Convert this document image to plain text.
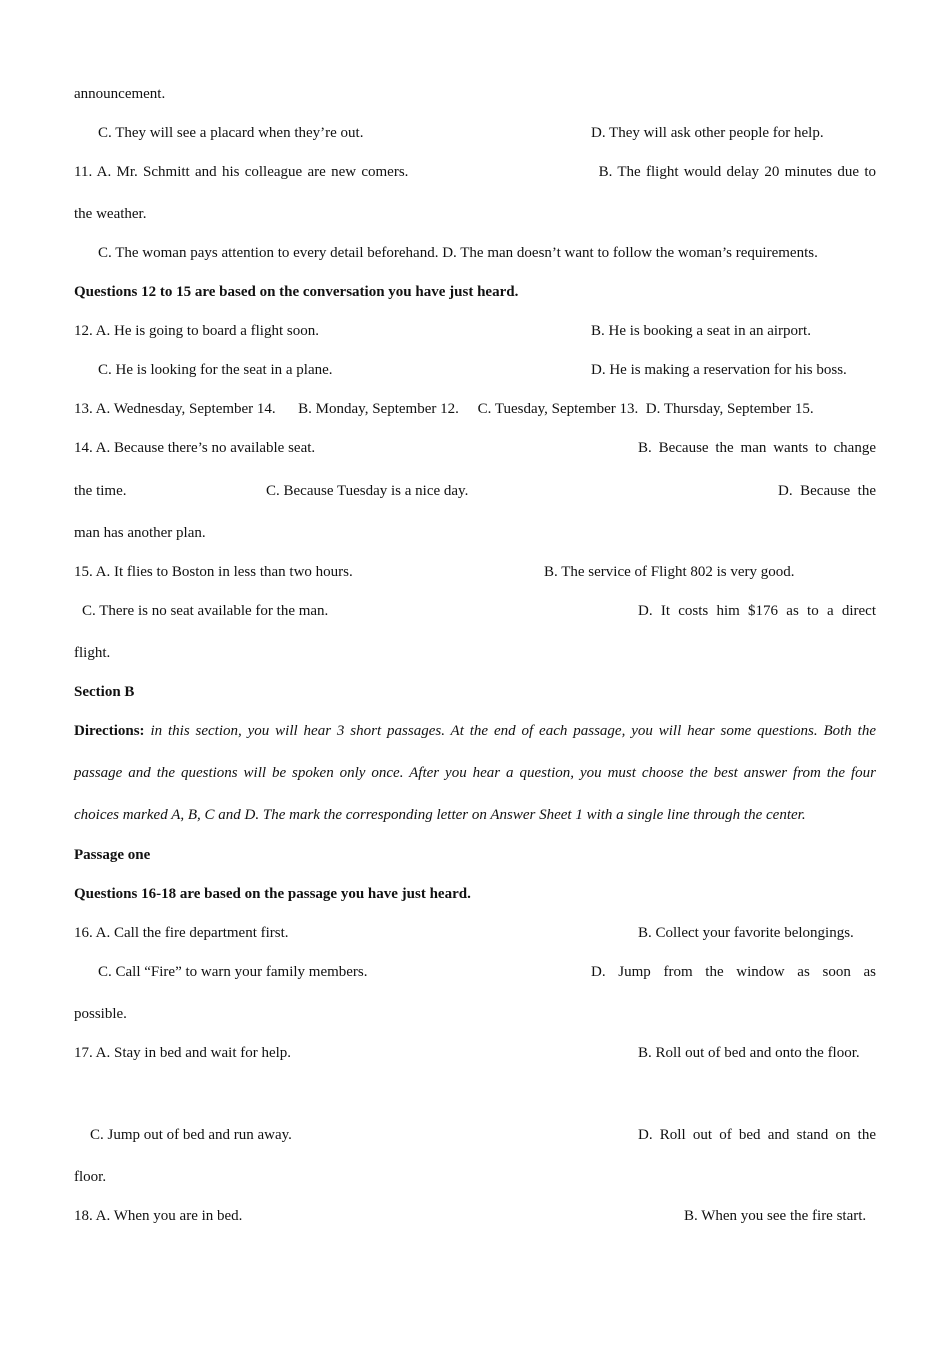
announcement.
C. They will see a placard when they’re out.	D. They will ask other people for help.
11. A. Mr. Schmitt and his colleague are new comers.                                    B. The flight would delay 20 minutes due to
the weather.
C. The woman pays attention to every detail beforehand. D. The man doesn’t want to follow the woman’s requirements.
Questions 12 to 15 are based on the conversation you have just heard.
12. A. He is going to board a flight soon.	B. He is booking a seat in an airport.
C. He is looking for the seat in a plane.	D. He is making a reservation for his boss.
13. A. Wednesday, September 14.      B. Monday, September 12.     C. Tuesday, September 13.  D. Thursday, September 15.
14. A. Because there’s no available seat.	B. Because the man wants to change
the time.	C. Because Tuesday is a nice day.	D. Because the
man has another plan.
15. A. It flies to Boston in less than two hours.	B. The service of Flight 802 is very good.
C. There is no seat available for the man.	D. It costs him $176 as to a direct
flight.
Section B
Directions: in this section, you will hear 3 short passages. At the end of each passage, you will hear some questions. Both the
passage and the questions will be spoken only once. After you hear a question, you must choose the best answer from the four
choices marked A, B, C and D. The mark the corresponding letter on Answer Sheet 1 with a single line through the center.
Passage one
Questions 16-18 are based on the passage you have just heard.
16. A. Call the fire department first.	B. Collect your favorite belongings.
C. Call “Fire” to warn your family members.	D. Jump from the window as soon as
possible.
17. A. Stay in bed and wait for help.	B. Roll out of bed and onto the floor.
C. Jump out of bed and run away.	D. Roll out of bed and stand on the
floor.
18. A. When you are in bed.	B. When you see the fire start.
